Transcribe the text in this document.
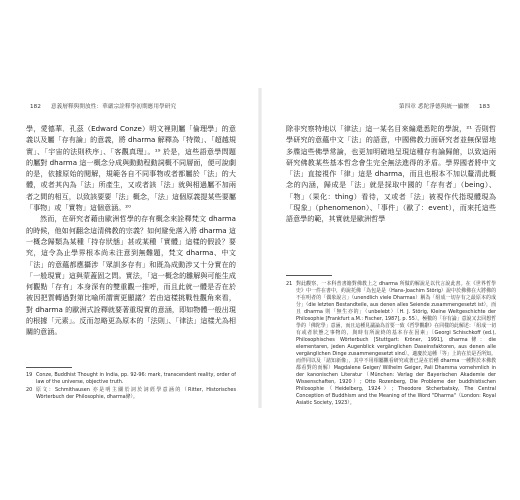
182 意義層釋與開放性：華嚴宗詮釋學初期應用學研究

學，愛德華．孔茲（Edward Conze）明文裡則屬「倫理學」的意義以及屬「存有論」的意義，將 dharma 解釋為「特徵」、「超越規實」、「宇宙的法則秩序」、「客觀真理」。¹⁹ 於是，這些語意學問題的屬對 dharma 這一概念分成與動動程動詞概不同層面，便可說劇的是，依據原始的閱解，規範各自不同事物或者都屬於「法」的大體，或者其內為「法」所產生，又或者該「法」就與相過屬不加兩者之間的相互，以致該要要「法」概念，「法」這個原義提某些要屬「事物」或「實物」這個意涵。²⁰

然而，在研究者藉由歐洲哲學的存有概念來詮釋梵文 dharma 的時候，他如何翻念這清佛教的宗義？如何避免落入將 dharma 這一概念歸類為某種「持存狀態」甚或某種「實體」這樣的假設？要究，這令為止學界根本尚未注意到無難題，梵文 dharma、中文「法」的意蘊都應攝涉「眾訓多存有」和既為成動涉又十分實在的「一般現實」這與蒙蓋固之問。實法，「這一概念的雛解與可能生成何觀點「存有」本身深有的雙重觀一推呼，而且此就一體是否在於被因把質轉過對第比喻所謂實更顯議？若由這樣挑戰性觀角來看，對 dharma 的歐洲式詮釋就要著重現實的意涵，即如物體一般出現的根據「元素」。反而忽略更為原本的「法則」、「律法」這樣尤為相關的意涵。

19 Conze, Buddhist Thought in India, pp. 92-96: mark, transcendent reality, order of law of the universe, objective truth.
20 原文：Schmithausen 亦是明主關於詞於詞經學意涵的（Ritter, Historisches Wörterbuch der Philosophie, dharma條）。
第四章 悉陀淨德與統一顯懷 183

除非究察特地以「律法」這一某名目來編還悉陀的學說，²¹ 否則哲學研究的意蘊中文「法」的語意，中國佛教力面研究者並無保留地多牒這些佛學常論，也更加明確地呈現這種存有論歸館，以致這兩研究佛教某些基本哲念會生完全無法進得的矛盾。學界國者將中文「法」直接視作「律」這是 dharma，而且也根本不加以釐清此概念的內涵，歸成是「法」就是採取中國的「存有者」（being）、「物」（果化：thing）看待，又或者「法」被視作代指現體現為「現象」（phenomenon）、「事件」（歐了：event），而來托這些語意學的範，其實就是歐洲哲學

21 對此觀察，一本科普書籍對佛教上之 dharma 所做的解說足以代言說此書。在《世界哲學史》中一件在書中，約說托佛「為包是是（Hans-Joachim Störig）說中於佛佛在大將佛的不在明者的「偶象說言」（unendlich viele Dharmas）稱為「組成一切存有之最原本的成分」（die letzten Bestandteile, aus denen alles Seiende zusammengesetzt ist），而且 dharma 則「無生亦的」（unbelebt）〔H. J. Störig, Kleine Weltgeschichte der Philosophie [Frankfurt a.M.: Fischer, 1987], p. 55〕。極數的「存有論」意說又去回想哲學的「佛陀學」意涵，而且這種見議論為首要一致《哲學觀辭》在同樣的此解述：「組成一切有或者狀態之事物的，與時有所說終的基本存在因素」〔Georgi Schischkoff (ed.), Philosophisches Wörterbuch [Stuttgart: Kröner, 1991], dharma條：die elementaren, jeden Augenblick vergänglichen Daseinsfaktoren, aus denen alle vergänglichen Dinge zusammengesetzt sind〕。適慶於這種「等」上的在於是否所知。而伴同以及「諸知新像」，其中不用相屬觀看研究或著已是在於種 dharma 一種對於本佛教都看對的而解）Magdalene Geiger/ Wilhelm Geiger, Pali Dhamma vornehmlich in der kanonischen Literatur（München: Verlag der Bayerischen Akademie der Wissenschaften, 1920）; Otto Rozenberg, Die Probleme der buddhistischen Philosophie（Heidelberg, 1924）; Theodore Stcherbatsky, The Central Conception of Buddhism and the Meaning of the Word "Dharma"（London: Royal Asiatic Society, 1923）。
